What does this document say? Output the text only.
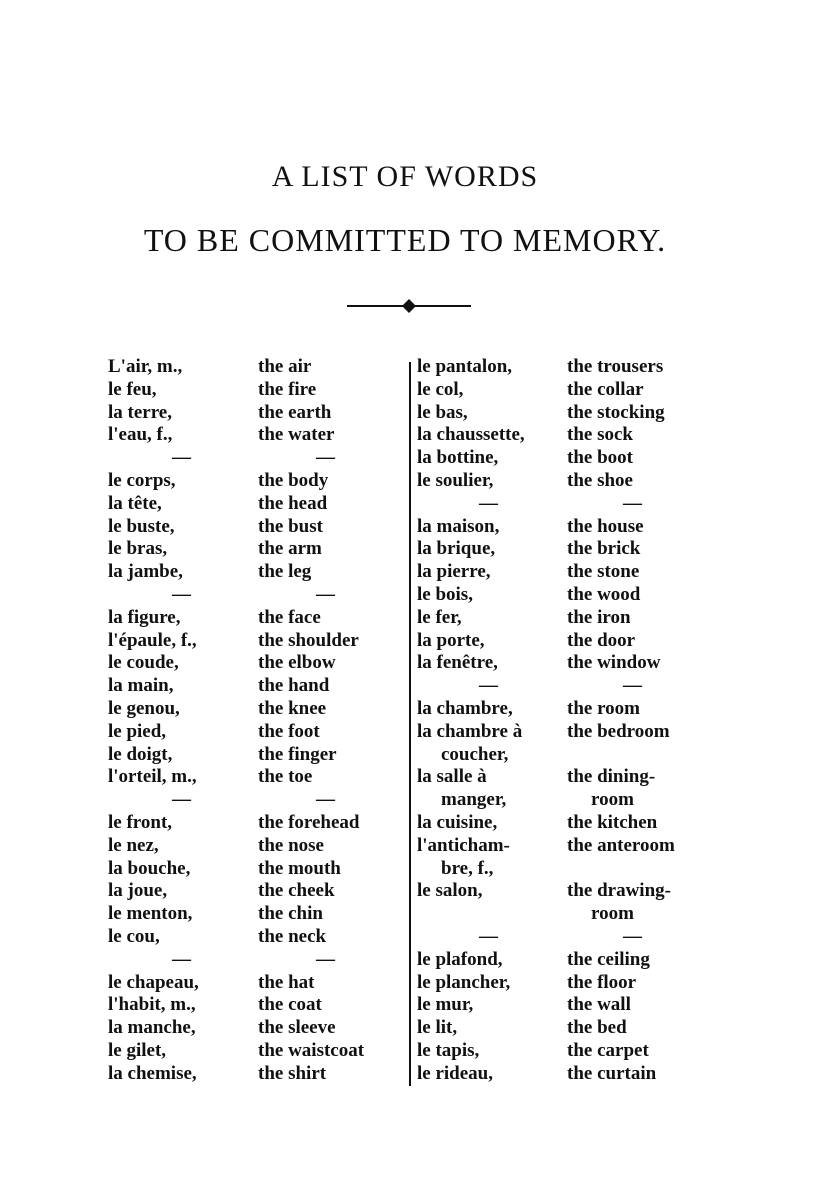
A LIST OF WORDS
TO BE COMMITTED TO MEMORY.
L'air, m.,
le feu,
la terre,
l'eau, f.,
—
le corps,
la tête,
le buste,
le bras,
la jambe,
—
la figure,
l'épaule, f.,
le coude,
la main,
le genou,
le pied,
le doigt,
l'orteil, m.,
—
le front,
le nez,
la bouche,
la joue,
le menton,
le cou,
—
le chapeau,
l'habit, m.,
la manche,
le gilet,
la chemise,
the air
the fire
the earth
the water
—
the body
the head
the bust
the arm
the leg
—
the face
the shoulder
the elbow
the hand
the knee
the foot
the finger
the toe
—
the forehead
the nose
the mouth
the cheek
the chin
the neck
—
the hat
the coat
the sleeve
the waistcoat
the shirt
le pantalon,
le col,
le bas,
la chaussette,
la bottine,
le soulier,
—
la maison,
la brique,
la pierre,
le bois,
le fer,
la porte,
la fenêtre,
—
la chambre,
la chambre à
coucher,
la salle à
manger,
la cuisine,
l'anticham-
bre, f.,
le salon,
—
le plafond,
le plancher,
le mur,
le lit,
le tapis,
le rideau,
the trousers
the collar
the stocking
the sock
the boot
the shoe
—
the house
the brick
the stone
the wood
the iron
the door
the window
—
the room
the bedroom
the dining-
room
the kitchen
the anteroom
the drawing-
room
—
the ceiling
the floor
the wall
the bed
the carpet
the curtain
